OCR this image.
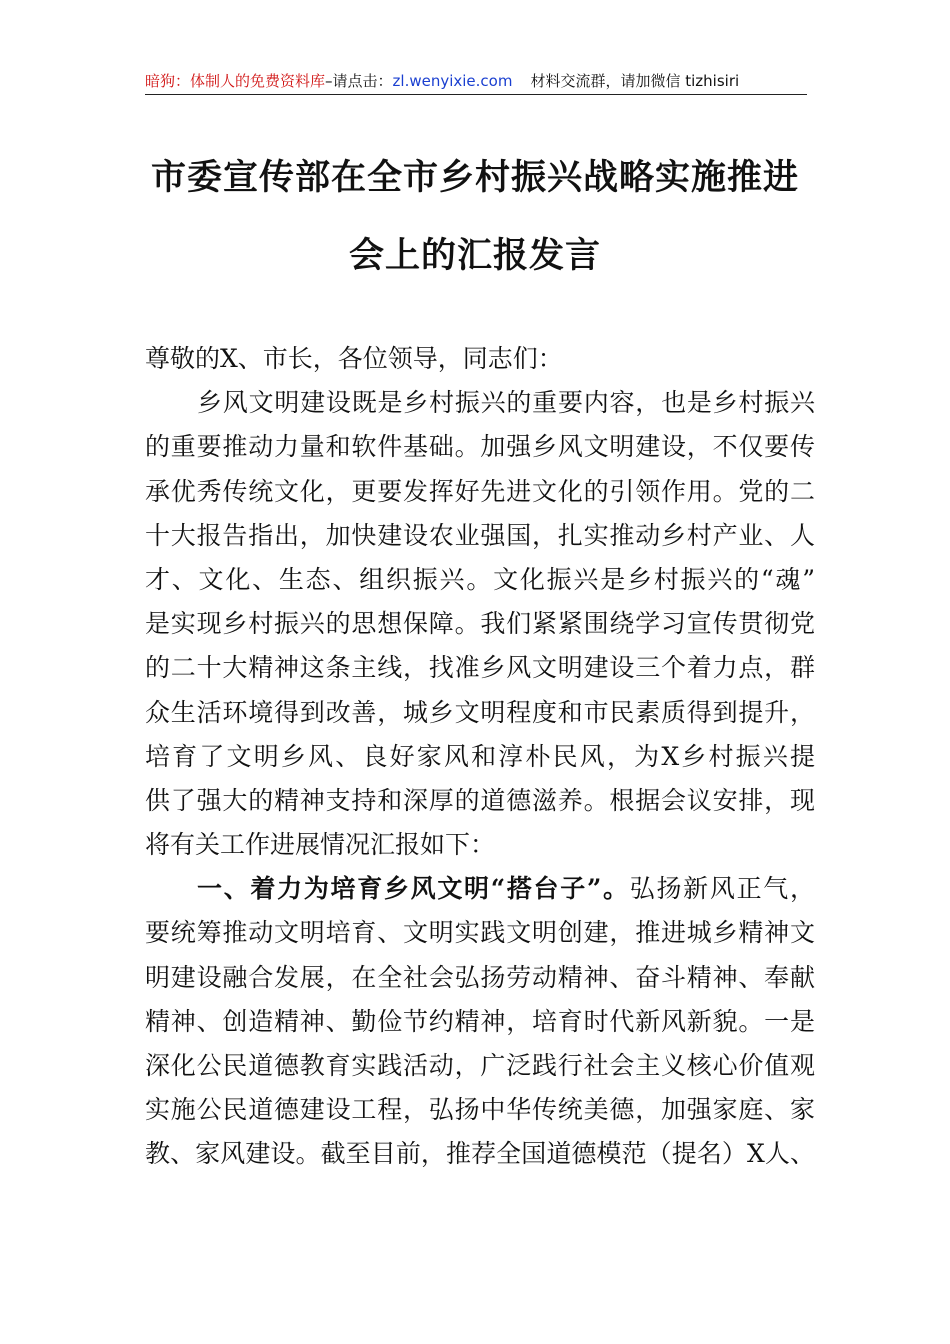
暗狗：体制人的免费资料库–请点击：zl.wenyixie.com 材料交流群，请加微信 tizhisiri
市委宣传部在全市乡村振兴战略实施推进
会上的汇报发言
尊敬的X、市长，各位领导，同志们：
乡风文明建设既是乡村振兴的重要内容，也是乡村振兴
的重要推动力量和软件基础。加强乡风文明建设，不仅要传
承优秀传统文化，更要发挥好先进文化的引领作用。党的二
十大报告指出，加快建设农业强国，扎实推动乡村产业、人
才、文化、生态、组织振兴。文化振兴是乡村振兴的“魂”
是实现乡村振兴的思想保障。我们紧紧围绕学习宣传贯彻党
的二十大精神这条主线，找准乡风文明建设三个着力点，群
众生活环境得到改善，城乡文明程度和市民素质得到提升，
培育了文明乡风、良好家风和淳朴民风，为X乡村振兴提
供了强大的精神支持和深厚的道德滋养。根据会议安排，现
将有关工作进展情况汇报如下：
一、着力为培育乡风文明“搭台子”。弘扬新风正气，
要统筹推动文明培育、文明实践文明创建，推进城乡精神文
明建设融合发展，在全社会弘扬劳动精神、奋斗精神、奉献
精神、创造精神、勤俭节约精神，培育时代新风新貌。一是
深化公民道德教育实践活动，广泛践行社会主义核心价值观
实施公民道德建设工程，弘扬中华传统美德，加强家庭、家
教、家风建设。截至目前，推荐全国道德模范（提名）X人、
